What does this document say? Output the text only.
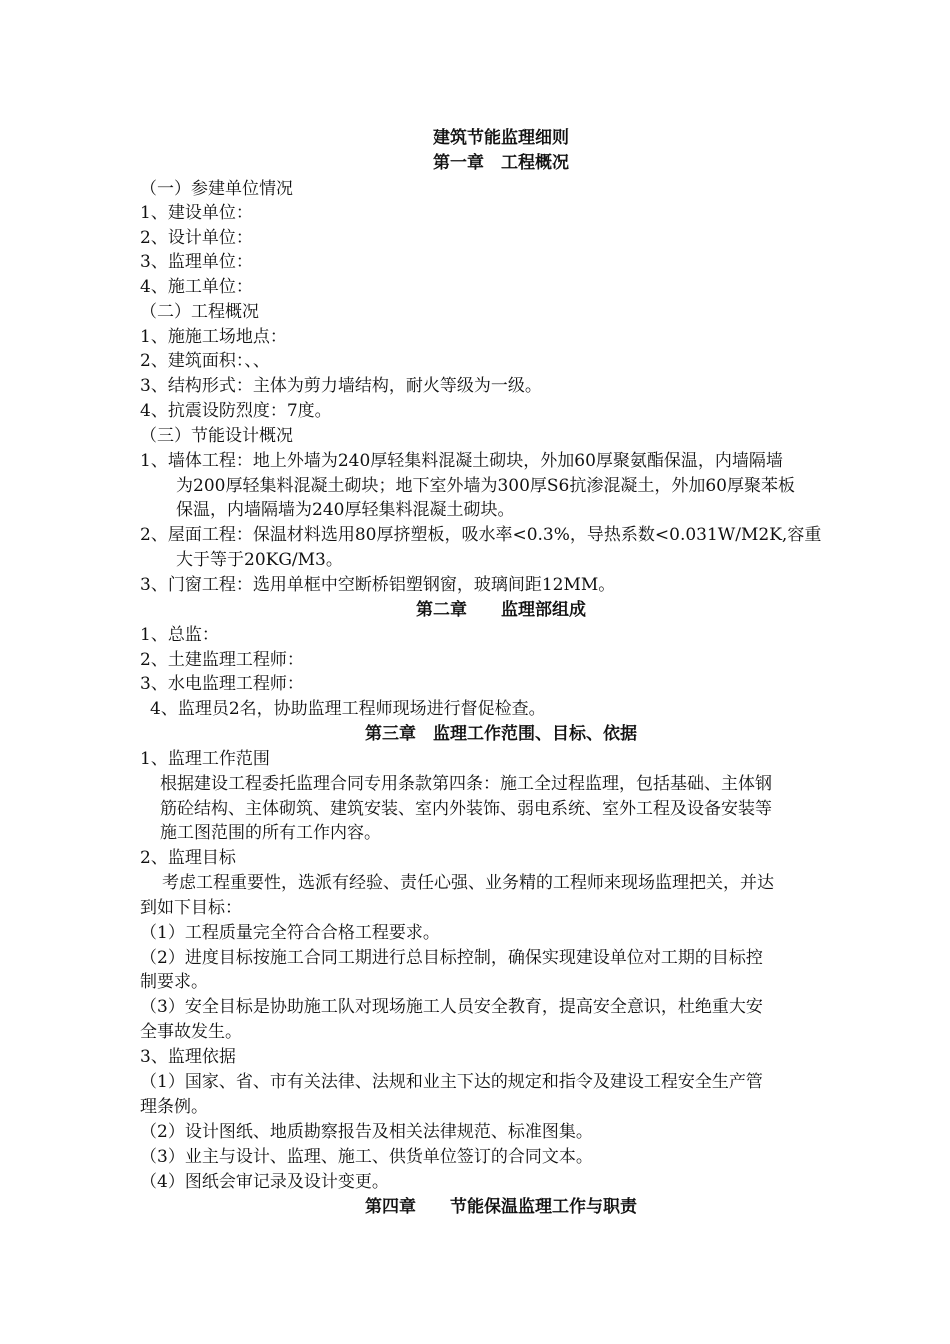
建筑节能监理细则
第一章　工程概况
（一）参建单位情况
1、建设单位：
2、设计单位：
3、监理单位：
4、施工单位：
（二）工程概况
1、施施工场地点：
2、建筑面积：、、
3、结构形式：主体为剪力墙结构，耐火等级为一级。
4、抗震设防烈度：7度。
（三）节能设计概况
1、墙体工程：地上外墙为240厚轻集料混凝土砌块，外加60厚聚氨酯保温，内墙隔墙
为200厚轻集料混凝土砌块；地下室外墙为300厚S6抗渗混凝土，外加60厚聚苯板
保温，内墙隔墙为240厚轻集料混凝土砌块。
2、屋面工程：保温材料选用80厚挤塑板，吸水率<0.3%，导热系数<0.031W/M2K,容重
大于等于20KG/M3。
3、门窗工程：选用单框中空断桥铝塑钢窗，玻璃间距12MM。
第二章　　监理部组成
1、总监：
2、土建监理工程师：
3、水电监理工程师：
4、监理员2名，协助监理工程师现场进行督促检查。
第三章　监理工作范围、目标、依据
1、监理工作范围
根据建设工程委托监理合同专用条款第四条：施工全过程监理，包括基础、主体钢
筋砼结构、主体砌筑、建筑安装、室内外装饰、弱电系统、室外工程及设备安装等
施工图范围的所有工作内容。
2、监理目标
考虑工程重要性，选派有经验、责任心强、业务精的工程师来现场监理把关，并达
到如下目标：
（1）工程质量完全符合合格工程要求。
（2）进度目标按施工合同工期进行总目标控制，确保实现建设单位对工期的目标控
制要求。
（3）安全目标是协助施工队对现场施工人员安全教育，提高安全意识，杜绝重大安
全事故发生。
3、监理依据
（1）国家、省、市有关法律、法规和业主下达的规定和指令及建设工程安全生产管
理条例。
（2）设计图纸、地质勘察报告及相关法律规范、标准图集。
（3）业主与设计、监理、施工、供货单位签订的合同文本。
（4）图纸会审记录及设计变更。
第四章　　节能保温监理工作与职责
